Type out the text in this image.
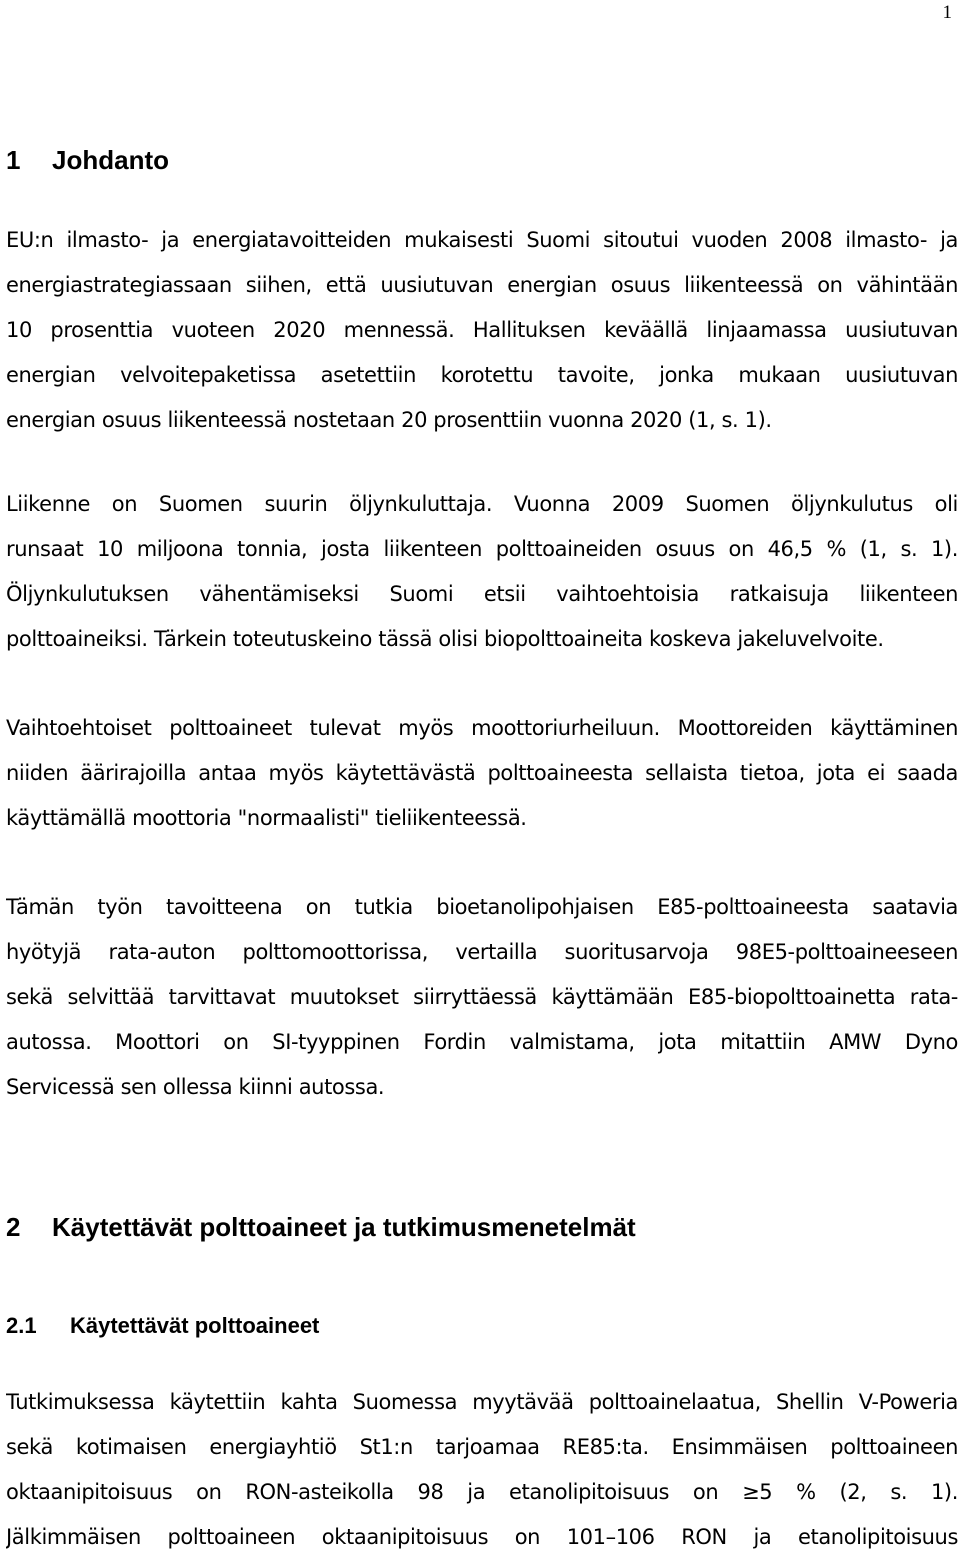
1
1 Johdanto
EU:n ilmasto- ja energiatavoitteiden mukaisesti Suomi sitoutui vuoden 2008 ilmasto- ja
energiastrategiassaan siihen, että uusiutuvan energian osuus liikenteessä on vähintään
10 prosenttia vuoteen 2020 mennessä. Hallituksen keväällä linjaamassa uusiutuvan
energian velvoitepaketissa asetettiin korotettu tavoite, jonka mukaan uusiutuvan
energian osuus liikenteessä nostetaan 20 prosenttiin vuonna 2020 (1, s. 1).
Liikenne on Suomen suurin öljynkuluttaja. Vuonna 2009 Suomen öljynkulutus oli
runsaat 10 miljoona tonnia, josta liikenteen polttoaineiden osuus on 46,5 % (1, s. 1).
Öljynkulutuksen vähentämiseksi Suomi etsii vaihtoehtoisia ratkaisuja liikenteen
polttoaineiksi. Tärkein toteutuskeino tässä olisi biopolttoaineita koskeva jakeluvelvoite.
Vaihtoehtoiset polttoaineet tulevat myös moottoriurheiluun. Moottoreiden käyttäminen
niiden äärirajoilla antaa myös käytettävästä polttoaineesta sellaista tietoa, jota ei saada
käyttämällä moottoria "normaalisti" tieliikenteessä.
Tämän työn tavoitteena on tutkia bioetanolipohjaisen E85-polttoaineesta saatavia
hyötyjä rata-auton polttomoottorissa, vertailla suoritusarvoja 98E5-polttoaineeseen
sekä selvittää tarvittavat muutokset siirryttäessä käyttämään E85-biopolttoainetta rata-
autossa. Moottori on SI-tyyppinen Fordin valmistama, jota mitattiin AMW Dyno
Servicessä sen ollessa kiinni autossa.
2 Käytettävät polttoaineet ja tutkimusmenetelmät
2.1 Käytettävät polttoaineet
Tutkimuksessa käytettiin kahta Suomessa myytävää polttoainelaatua, Shellin V-Poweria
sekä kotimaisen energiayhtiö St1:n tarjoamaa RE85:ta. Ensimmäisen polttoaineen
oktaanipitoisuus on RON-asteikolla 98 ja etanolipitoisuus on ≥5 % (2, s. 1).
Jälkimmäisen polttoaineen oktaanipitoisuus on 101–106 RON ja etanolipitoisuus
